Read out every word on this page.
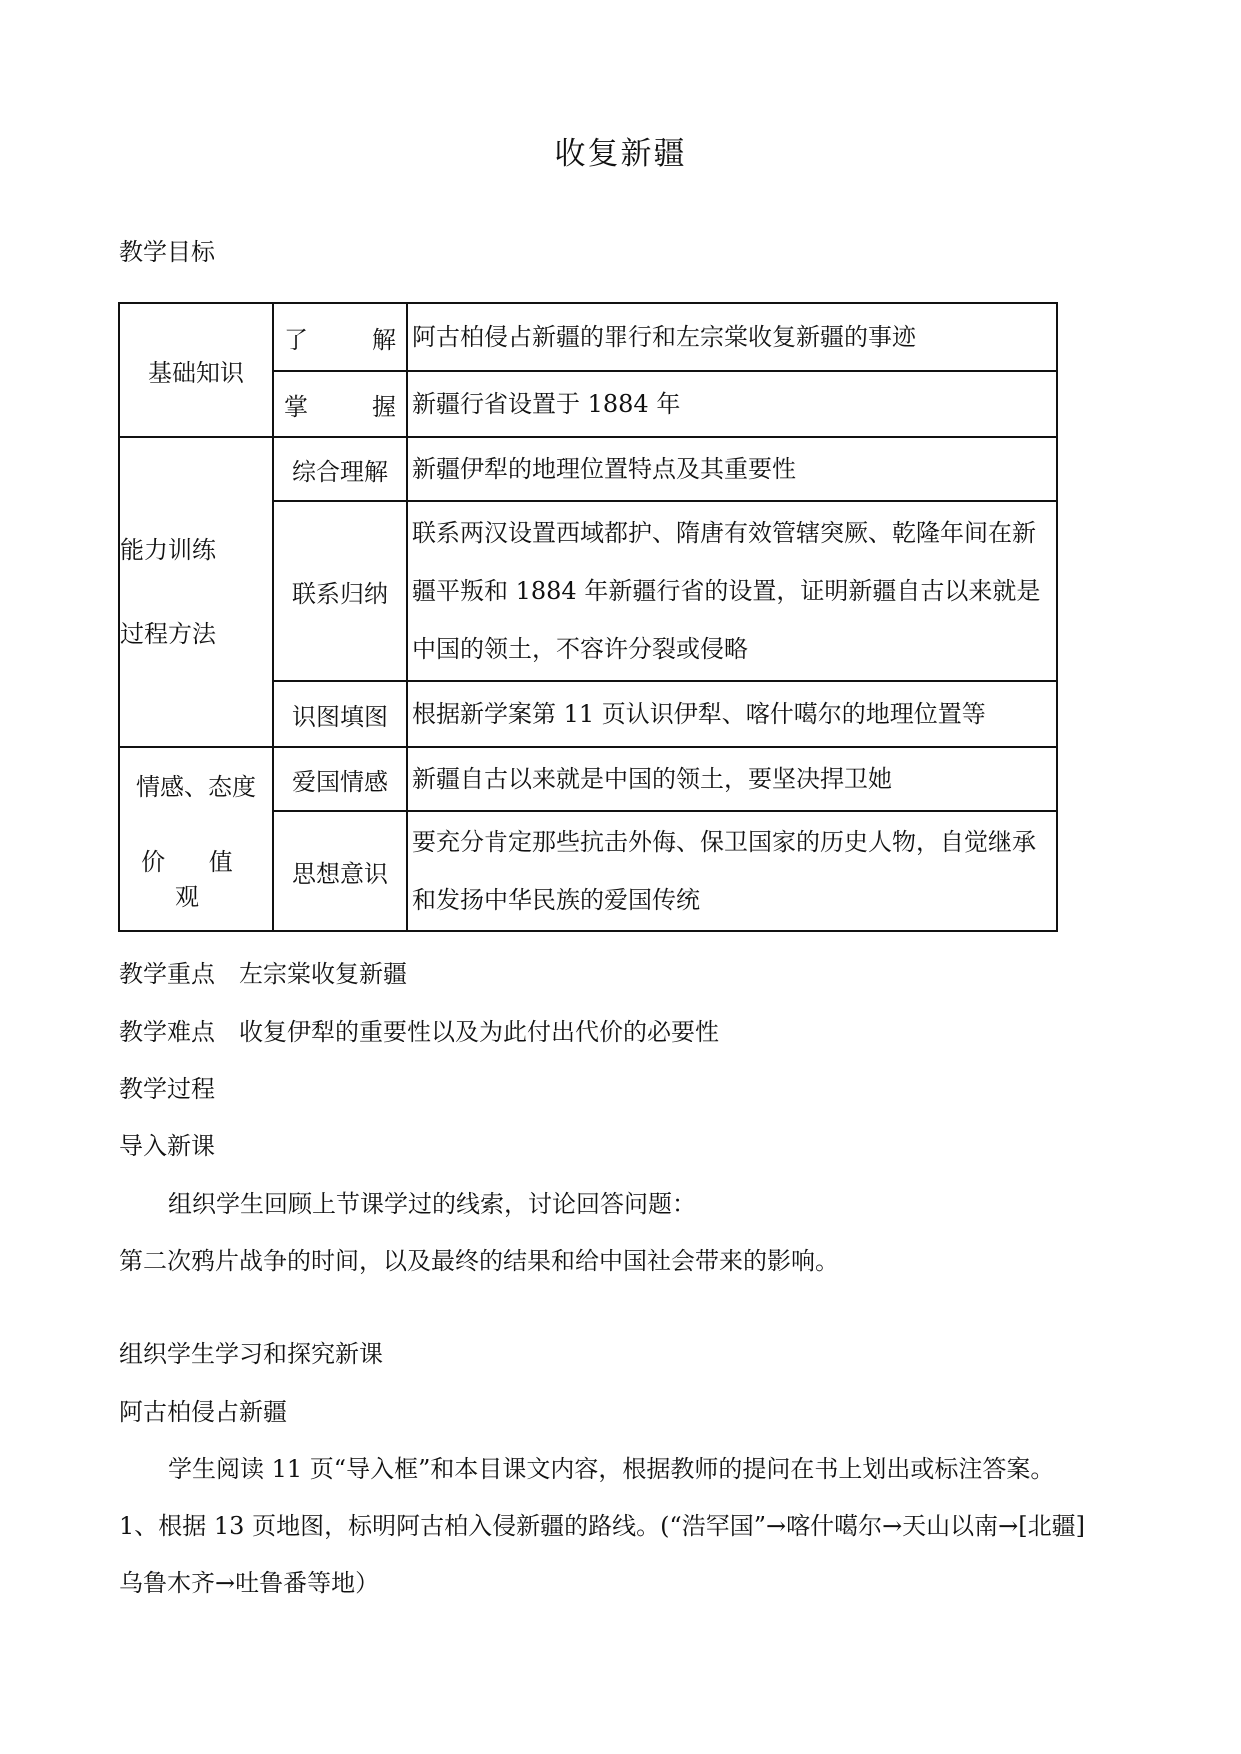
收复新疆
教学目标
基础知识	了 解	阿古柏侵占新疆的罪行和左宗棠收复新疆的事迹

	掌 握	新疆行省设置于 1884 年

能力训练
过程方法	综合理解	新疆伊犁的地理位置特点及其重要性
	联系归纳	联系两汉设置西域都护、隋唐有效管辖突厥、乾隆年间在新
疆平叛和 1884 年新疆行省的设置，证明新疆自古以来就是
中国的领土，不容许分裂或侵略

	识图填图	根据新学案第 11 页认识伊犁、喀什噶尔的地理位置等

情感、态度
价 值 观	爱国情感	新疆自古以来就是中国的领土，要坚决捍卫她
	思想意识	要充分肯定那些抗击外侮、保卫国家的历史人物，自觉继承
和发扬中华民族的爱国传统
教学重点　左宗棠收复新疆
教学难点　收复伊犁的重要性以及为此付出代价的必要性
教学过程
导入新课
组织学生回顾上节课学过的线索，讨论回答问题：
第二次鸦片战争的时间，以及最终的结果和给中国社会带来的影响。
组织学生学习和探究新课
阿古柏侵占新疆
学生阅读 11 页“导入框”和本目课文内容，根据教师的提问在书上划出或标注答案。
1、根据 13 页地图，标明阿古柏入侵新疆的路线。(“浩罕国”→喀什噶尔→天山以南→[北疆]
乌鲁木齐→吐鲁番等地）
